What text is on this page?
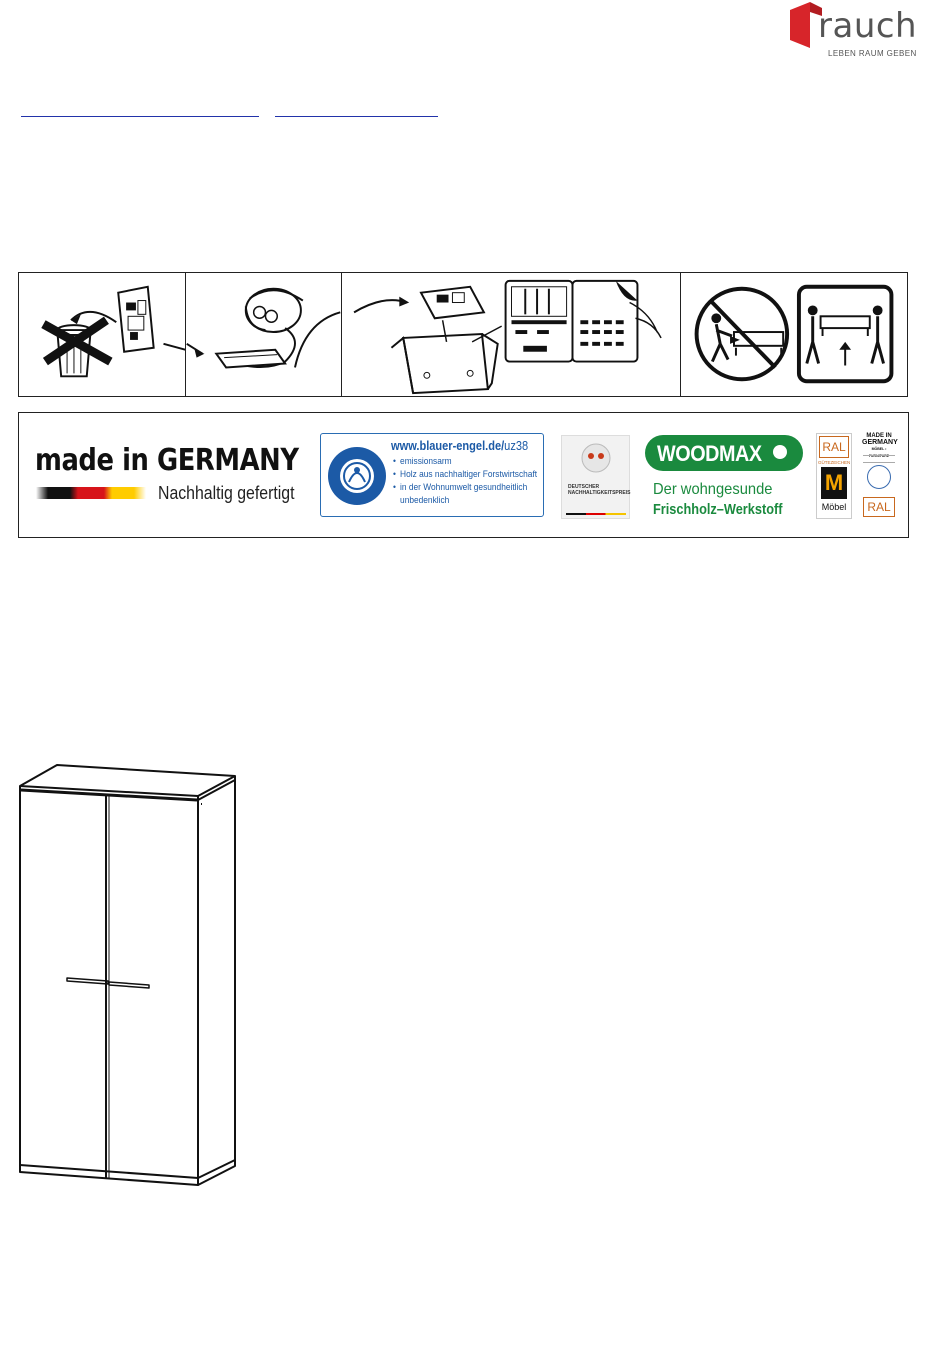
rauch
LEBEN RAUM GEBEN
made in GERMANY
Nachhaltig gefertigt
www.blauer-engel.de/uz38
• emissionsarm
• Holz aus nachhaltiger Forstwirtschaft
• in der Wohnumwelt gesundheitlich unbedenklich
DEUTSCHER NACHHALTIGKEITSPREIS
WOODMAX
Der wohngesunde
Frischholz–Werkstoff
RAL
GÜTEZEICHEN
M
Möbel
MADE IN
GERMANY
MÖBEL • FURNITURE
RAL
